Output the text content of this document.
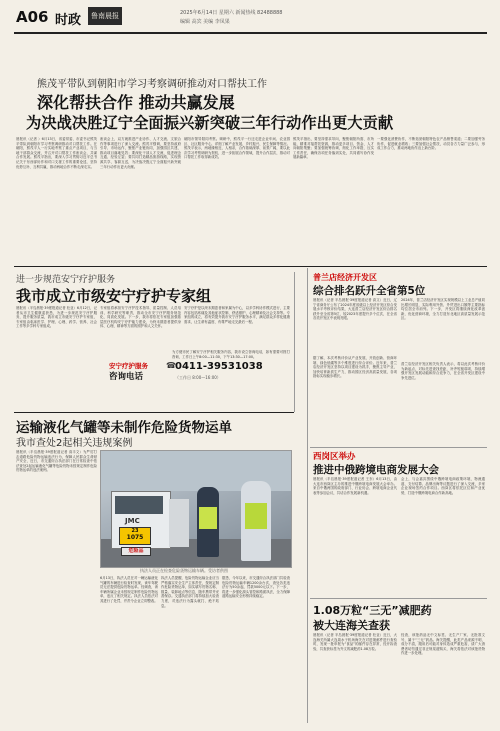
A06 时政	鲁南晨报	2025年6月14日 星期六 新闻热线 82488888
编辑 高宾 美编 李凤果
熊茂平带队到朝阳市学习考察调研推动对口帮扶工作
深化帮扶合作 推动共赢发展
为决战决胜辽宁全面振兴新突破三年行动作出更大贡献
晨报讯（记者 ）6月13日，省委常委、市委书记熊茂平带队到朝阳市学习考察调研推动对口帮扶工作。在朝阳，熊茂平人一行实地考察了重点产业项目，与当地干部群众交流，并召开对口帮扶工作座谈会，共谋合作发展。熊茂平指出，要深入学习贯彻习近平总书记关于东西部协作和对口支援工作的重要论述，坚持优势互补、互利共赢，推动两地合作不断走深走实。
座谈会上，双方就推进产业协作、人才交流、文旅合作等事项进行了深入交流。熊茂平强调，要坚持政府引导、市场运作，聚焦产业链协同，加强园区共建，推动项目落地见效；要深化干部人才交流，促进理念互通、经验互鉴；要共同打造精品旅游线路，实现资源共享、客源互送，为决战决胜辽宁全面振兴新突破三年行动作出更大贡献。
朝阳市领导陪同考察。调研中，熊茂平一行还走进企业车间、农业园区、社区服务中心，详细了解产业发展、乡村振兴、民生保障等情况。熊茂平表示，两地缘相近、人相亲，合作基础深厚、前景广阔，要以此次学习考察调研为契机，进一步拓展合作领域，提升合作层次，推动对口帮扶工作取得新成效。
熊茂平指出，要坚持需求导向，聚焦朝阳所需、市所能，精准对接帮扶资源，推动更多项目、资金、人才向朝阳集聚；要加强统筹协调，细化工作举措，压实工作责任，确保各项任务落到实处，共同谱写协作发展新篇章。
一要强化消费协作，不断拓宽朝阳特色农产品销售渠道；二要加强劳务协作，促进就业增收；三要加强社会帮扶，动员各方力量广泛参与，形成工作合力，推动两地协作迈上新台阶。
进一步规范安宁疗护服务
我市成立市级安宁疗护专家组
晨报讯（半岛晨报·39度报道记者 杜亚）6月12日，记者从市卫生健康委获悉，为进一步规范安宁疗护服务，提升服务质量，我市成立市级安宁疗护专家组，专家组由临床医学、护理、心理、药学、营养、社会工作等多学科专家组成。
专家组将承担安宁疗护技术指导、质量控制、人员培训、科学研究等职责，推动全市安宁疗护服务规范化、同质化发展。下一步，我市将依托专家组加强基层医疗机构安宁疗护能力建设，为终末期患者提供身体、心理、精神等方面的照护和人文关怀。
安宁疗护是以终末期患者和家属为中心，以多学科协作模式进行，主要内容包括疼痛及其他症状控制、舒适照护、心理精神及社会支持等。专家组的成立，将有效提升我市安宁疗护服务水平，满足群众多样化健康需求，让生命有温度、有尊严地走完最后一程。
为方便市民了解安宁疗护相关服务内容，我市设立咨询电话，如有需要可拨打咨询，工作日上午8:00—11:30，下午13:30—17:00。
安宁疗护服务
咨询电话
☎ 0411-39531038
（工作日 8:00—16:00）
运输液化气罐等未制作危险货物运单
我市查处2起相关违规案例
晨报讯（半岛晨报·39度报道记者 高丰文）为严厉打击道路危险货物运输违法行为，保障人民群众生命财产安全，近日，市交通综合执法部门在日常检查中依法查处2起运输液化气罐等危险货物未按规定制作危险货物运单的违法案例。
JMC
23
1075
危险品
执法人员正在检查危险货物运输车辆。受访者供图
6月13日，执法人员在对一辆运输液化气罐的车辆进行检查时发现，该车驾驶员无法提供危险货物运单。经调查，该车辆所属企业未按规定制作危险货物运单，违反了相关规定。执法人员依法对其进行了处罚，并责令企业立即整改。
执法人员提醒，危险货物运输企业应当严格落实安全生产主体责任，按规定制作危险货物运单，如实填写货物名称、数量、装卸地点等信息，随车携带并妥善保存。交通执法部门将持续加大检查力度，对违法行为露头就打、绝不姑息。
据悉，今年以来，市交通综合执法部门共检查危险货物运输车辆1200余台次，查处各类违法行为50余起，罚款5000元以下。下一步，将进一步强化源头管控和路面执法，全力保障道路运输安全形势持续稳定。
普兰店经济开发区
综合排名跃升全省第5位
晨报讯（记者 半岛晨报·39度报道记者 高文）近日，辽宁省商务厅公布了2024年度省级以上经济开发区综合发展水平考核评价结果，大连普兰店经济开发区综合排名跃升至全省第5位，较2023年度提升多个位次，在全省各类开发区中表现亮眼。
据了解，本次考核评价从产业发展、开放创新、营商环境、绿色低碳等多个维度进行综合评价。近年来，普兰店经济开发区坚持以项目建设为抓手，聚焦主导产业，加快培育新质生产力，推动园区经济高质量发展，各项指标实现稳步增长。
2024年，普兰店经济开发区实现规模以上工业总产值同比增长明显，实际利用外资、外贸进出口额等主要指标均位居全市前列。下一步，开发区将继续深化改革创新，优化营商环境，全力打造东北地区高质量发展示范区。
普兰店经济开发区相关负责人表示，将以此次考核评价为新起点，对标先进查找差距，补齐短板弱项，持续增强开发区发展动能和综合竞争力，在全省开发区建设中争先进位。
西岗区举办
推进中俄跨境电商发展大会
晨报讯（半岛晨报·39度报道记者 王东）6月13日，由大连市西岗区主办的推进中俄跨境电商发展大会举办。来自中俄两国的政府部门、行业协会、跨境电商企业代表等参加会议，共话合作发展新机遇。
会上，与会嘉宾围绕中俄跨境电商政策环境、物流通道、支付结算、品牌出海等议题进行了深入交流，多家企业现场签约合作项目。西岗区将依托区位和产业优势，打造中俄跨境电商合作新高地。
1.08万粒“三无”减肥药
被大连海关查获
晨报讯（记者 半岛晨报·39度报道记者 杜亚）近日，大连海关所属大连周水子机场海关在对进境邮件进行查验时，发现一批申报为“食品”的邮件存在异常，经开拆查验，共查获标签为外文的减肥药1.08万粒。
经查，该批药品无中文标签、无生产厂家、无批准文号，属于“三无”药品。海关提醒，此类产品来源不明，成分不清，服用后可能对身体造成严重危害，请广大消费者切勿通过非正规渠道购买，海关将依法对该批货物作进一步处理。
